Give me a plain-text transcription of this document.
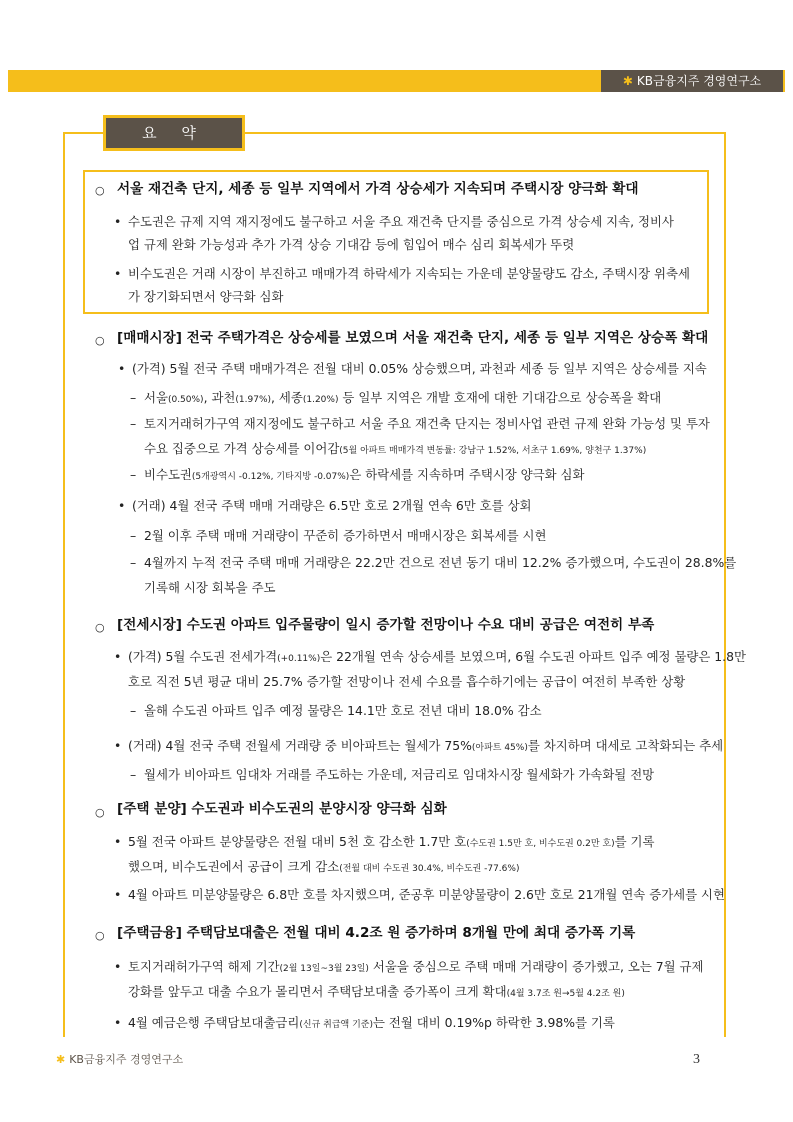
✱ KB금융지주 경영연구소
요 약
○ 서울 재건축 단지, 세종 등 일부 지역에서 가격 상승세가 지속되며 주택시장 양극화 확대
• 수도권은 규제 지역 재지정에도 불구하고 서울 주요 재건축 단지를 중심으로 가격 상승세 지속, 정비사
업 규제 완화 가능성과 추가 가격 상승 기대감 등에 힘입어 매수 심리 회복세가 뚜렷
• 비수도권은 거래 시장이 부진하고 매매가격 하락세가 지속되는 가운데 분양물량도 감소, 주택시장 위축세
가 장기화되면서 양극화 심화
○ [매매시장] 전국 주택가격은 상승세를 보였으며 서울 재건축 단지, 세종 등 일부 지역은 상승폭 확대
• (가격) 5월 전국 주택 매매가격은 전월 대비 0.05% 상승했으며, 과천과 세종 등 일부 지역은 상승세를 지속
– 서울(0.50%), 과천(1.97%), 세종(1.20%) 등 일부 지역은 개발 호재에 대한 기대감으로 상승폭을 확대
– 토지거래허가구역 재지정에도 불구하고 서울 주요 재건축 단지는 정비사업 관련 규제 완화 가능성 및 투자
수요 집중으로 가격 상승세를 이어감(5월 아파트 매매가격 변동률: 강남구 1.52%, 서초구 1.69%, 양천구 1.37%)
– 비수도권(5개광역시 -0.12%, 기타지방 -0.07%)은 하락세를 지속하며 주택시장 양극화 심화
• (거래) 4월 전국 주택 매매 거래량은 6.5만 호로 2개월 연속 6만 호를 상회
– 2월 이후 주택 매매 거래량이 꾸준히 증가하면서 매매시장은 회복세를 시현
– 4월까지 누적 전국 주택 매매 거래량은 22.2만 건으로 전년 동기 대비 12.2% 증가했으며, 수도권이 28.8%를
기록해 시장 회복을 주도
○ [전세시장] 수도권 아파트 입주물량이 일시 증가할 전망이나 수요 대비 공급은 여전히 부족
• (가격) 5월 수도권 전세가격(+0.11%)은 22개월 연속 상승세를 보였으며, 6월 수도권 아파트 입주 예정 물량은 1.8만
호로 직전 5년 평균 대비 25.7% 증가할 전망이나 전세 수요를 흡수하기에는 공급이 여전히 부족한 상황
– 올해 수도권 아파트 입주 예정 물량은 14.1만 호로 전년 대비 18.0% 감소
• (거래) 4월 전국 주택 전월세 거래량 중 비아파트는 월세가 75%(아파트 45%)를 차지하며 대세로 고착화되는 추세
– 월세가 비아파트 임대차 거래를 주도하는 가운데, 저금리로 임대차시장 월세화가 가속화될 전망
○ [주택 분양] 수도권과 비수도권의 분양시장 양극화 심화
• 5월 전국 아파트 분양물량은 전월 대비 5천 호 감소한 1.7만 호(수도권 1.5만 호, 비수도권 0.2만 호)를 기록
했으며, 비수도권에서 공급이 크게 감소(전월 대비 수도권 30.4%, 비수도권 -77.6%)
• 4월 아파트 미분양물량은 6.8만 호를 차지했으며, 준공후 미분양물량이 2.6만 호로 21개월 연속 증가세를 시현
○ [주택금융] 주택담보대출은 전월 대비 4.2조 원 증가하며 8개월 만에 최대 증가폭 기록
• 토지거래허가구역 해제 기간(2월 13일~3월 23일) 서울을 중심으로 주택 매매 거래량이 증가했고, 오는 7월 규제
강화를 앞두고 대출 수요가 몰리면서 주택담보대출 증가폭이 크게 확대(4월 3.7조 원→5월 4.2조 원)
• 4월 예금은행 주택담보대출금리(신규 취급액 기준)는 전월 대비 0.19%p 하락한 3.98%를 기록
✱ KB금융지주 경영연구소	3
